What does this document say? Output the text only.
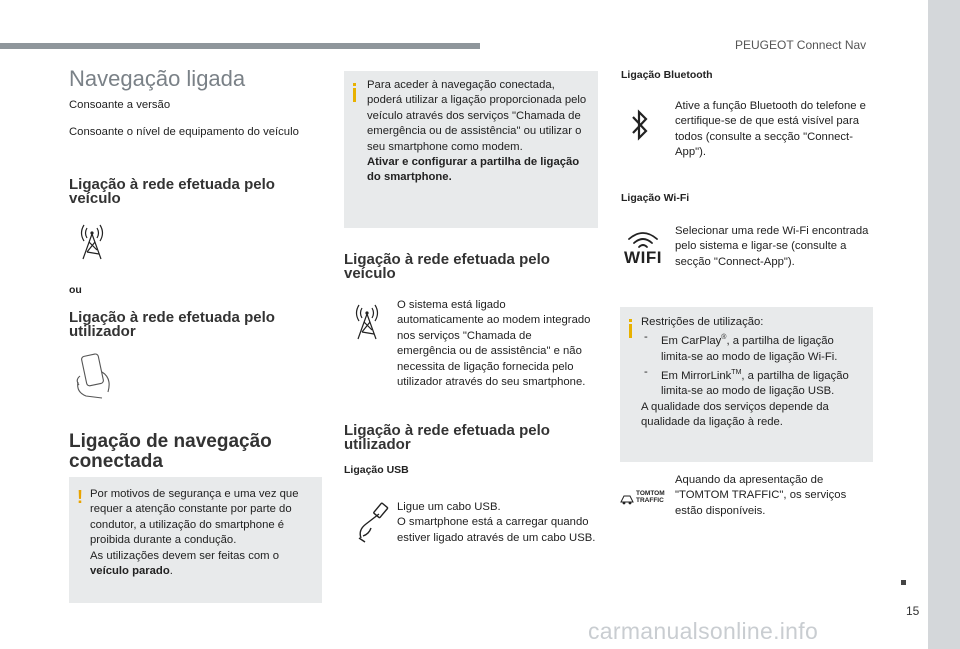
PEUGEOT Connect Nav
Navegação ligada
Consoante a versão
Consoante o nível de equipamento do veículo
Ligação à rede efetuada pelo veículo
ou
Ligação à rede efetuada pelo utilizador
Ligação de navegação conectada
! Por motivos de segurança e uma vez que requer a atenção constante por parte do condutor, a utilização do smartphone é proibida durante a condução.
As utilizações devem ser feitas com o veículo parado.
Para aceder à navegação conectada, poderá utilizar a ligação proporcionada pelo veículo através dos serviços "Chamada de emergência ou de assistência" ou utilizar o seu smartphone como modem.
Ativar e configurar a partilha de ligação do smartphone.
Ligação à rede efetuada pelo veículo
O sistema está ligado automaticamente ao modem integrado nos serviços "Chamada de emergência ou de assistência" e não necessita de ligação fornecida pelo utilizador através do seu smartphone.
Ligação à rede efetuada pelo utilizador
Ligação USB
Ligue um cabo USB.
O smartphone está a carregar quando estiver ligado através de um cabo USB.
Ligação Bluetooth
Ative a função Bluetooth do telefone e certifique-se de que está visível para todos (consulte a secção "Connect-App").
Ligação Wi-Fi
WIFI
Selecionar uma rede Wi-Fi encontrada pelo sistema e ligar-se (consulte a secção "Connect-App").
Restrições de utilização:
- Em CarPlay®, a partilha de ligação limita-se ao modo de ligação Wi-Fi.
- Em MirrorLink™, a partilha de ligação limita-se ao modo de ligação USB.
A qualidade dos serviços depende da qualidade da ligação à rede.
TOMTOM
TRAFFIC
Aquando da apresentação de "TOMTOM TRAFFIC", os serviços estão disponíveis.
15
carmanualsonline.info
